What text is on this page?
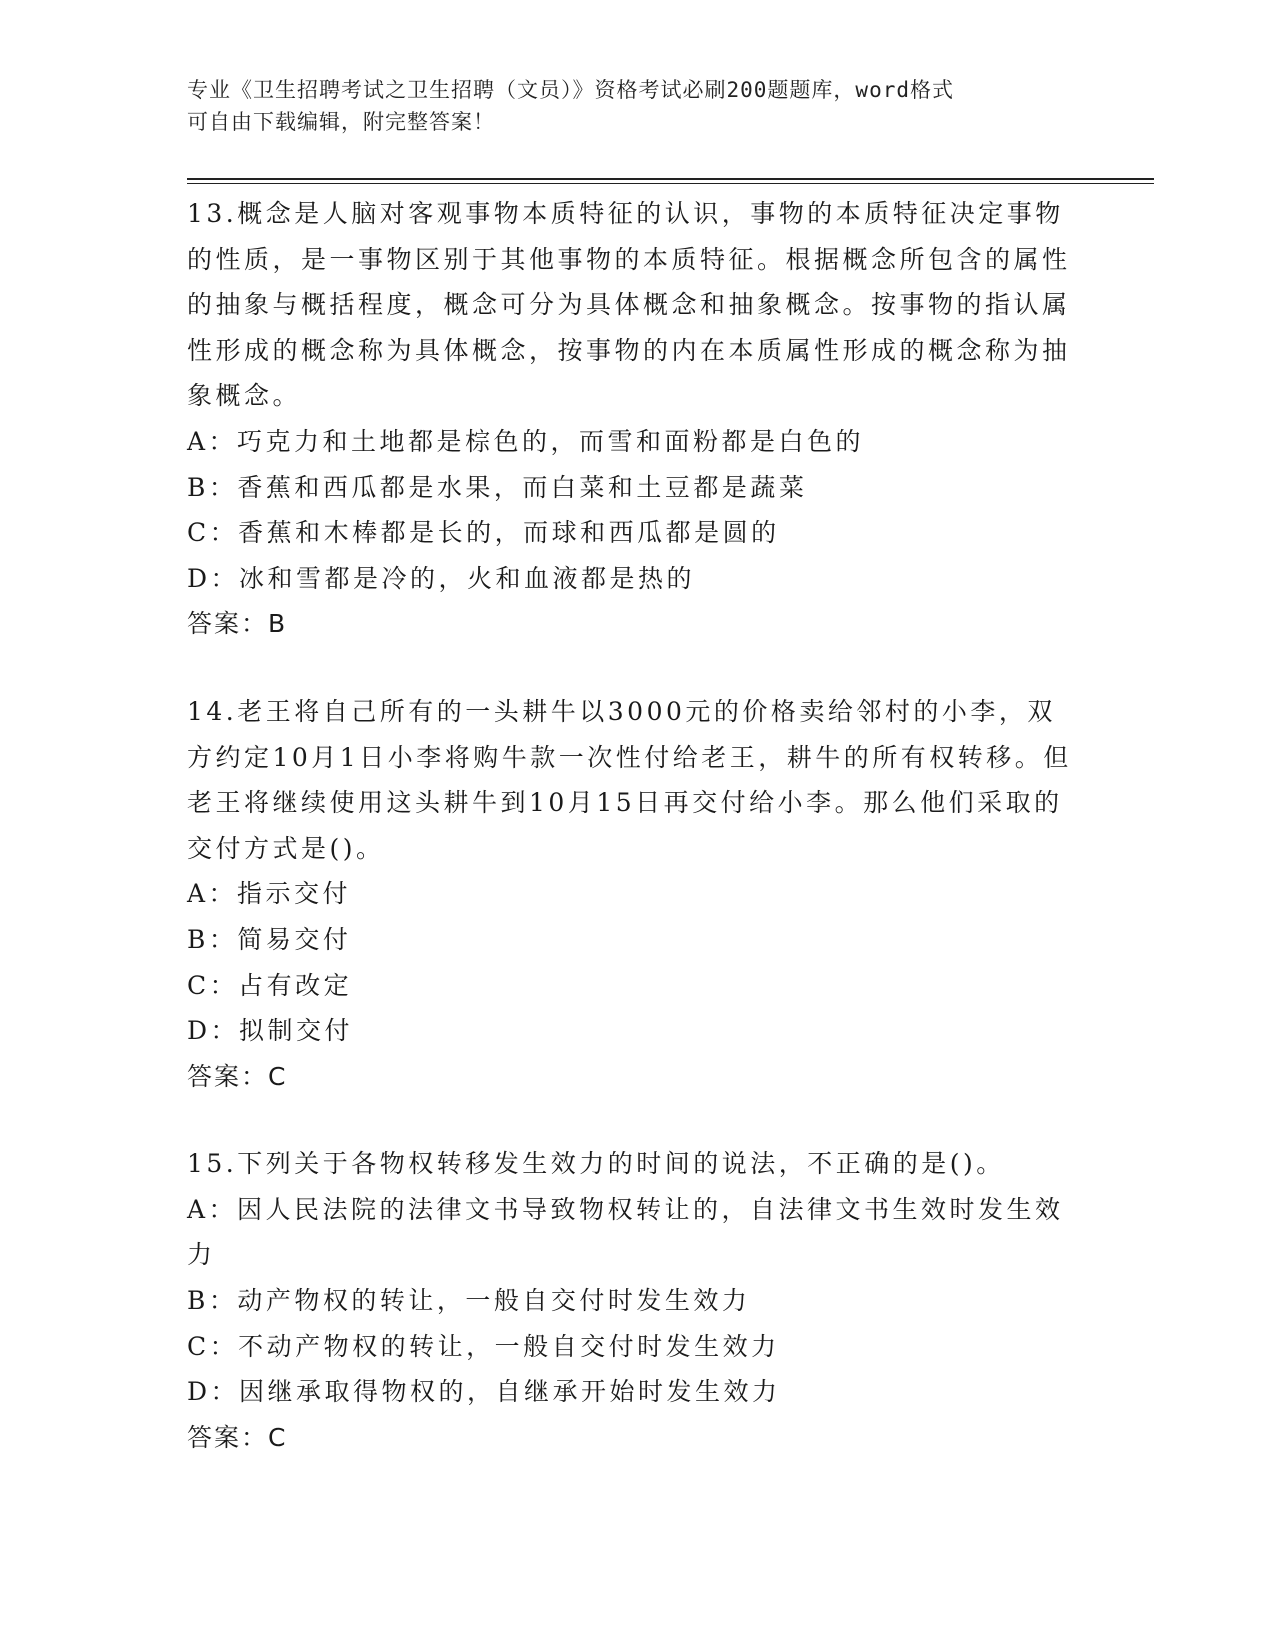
专业《卫生招聘考试之卫生招聘（文员）》资格考试必刷200题题库，word格式
可自由下载编辑，附完整答案！

13.概念是人脑对客观事物本质特征的认识，事物的本质特征决定事物的性质，是一事物区别于其他事物的本质特征。根据概念所包含的属性的抽象与概括程度，概念可分为具体概念和抽象概念。按事物的指认属性形成的概念称为具体概念，按事物的内在本质属性形成的概念称为抽象概念。

A：巧克力和土地都是棕色的，而雪和面粉都是白色的

B：香蕉和西瓜都是水果，而白菜和土豆都是蔬菜

C：香蕉和木棒都是长的，而球和西瓜都是圆的

D：冰和雪都是冷的，火和血液都是热的

答案：B

14.老王将自己所有的一头耕牛以3000元的价格卖给邻村的小李，双方约定10月1日小李将购牛款一次性付给老王，耕牛的所有权转移。但老王将继续使用这头耕牛到10月15日再交付给小李。那么他们采取的交付方式是()。

A：指示交付

B：简易交付

C：占有改定

D：拟制交付

答案：C

15.下列关于各物权转移发生效力的时间的说法，不正确的是()。

A：因人民法院的法律文书导致物权转让的，自法律文书生效时发生效力

B：动产物权的转让，一般自交付时发生效力

C：不动产物权的转让，一般自交付时发生效力

D：因继承取得物权的，自继承开始时发生效力

答案：C
